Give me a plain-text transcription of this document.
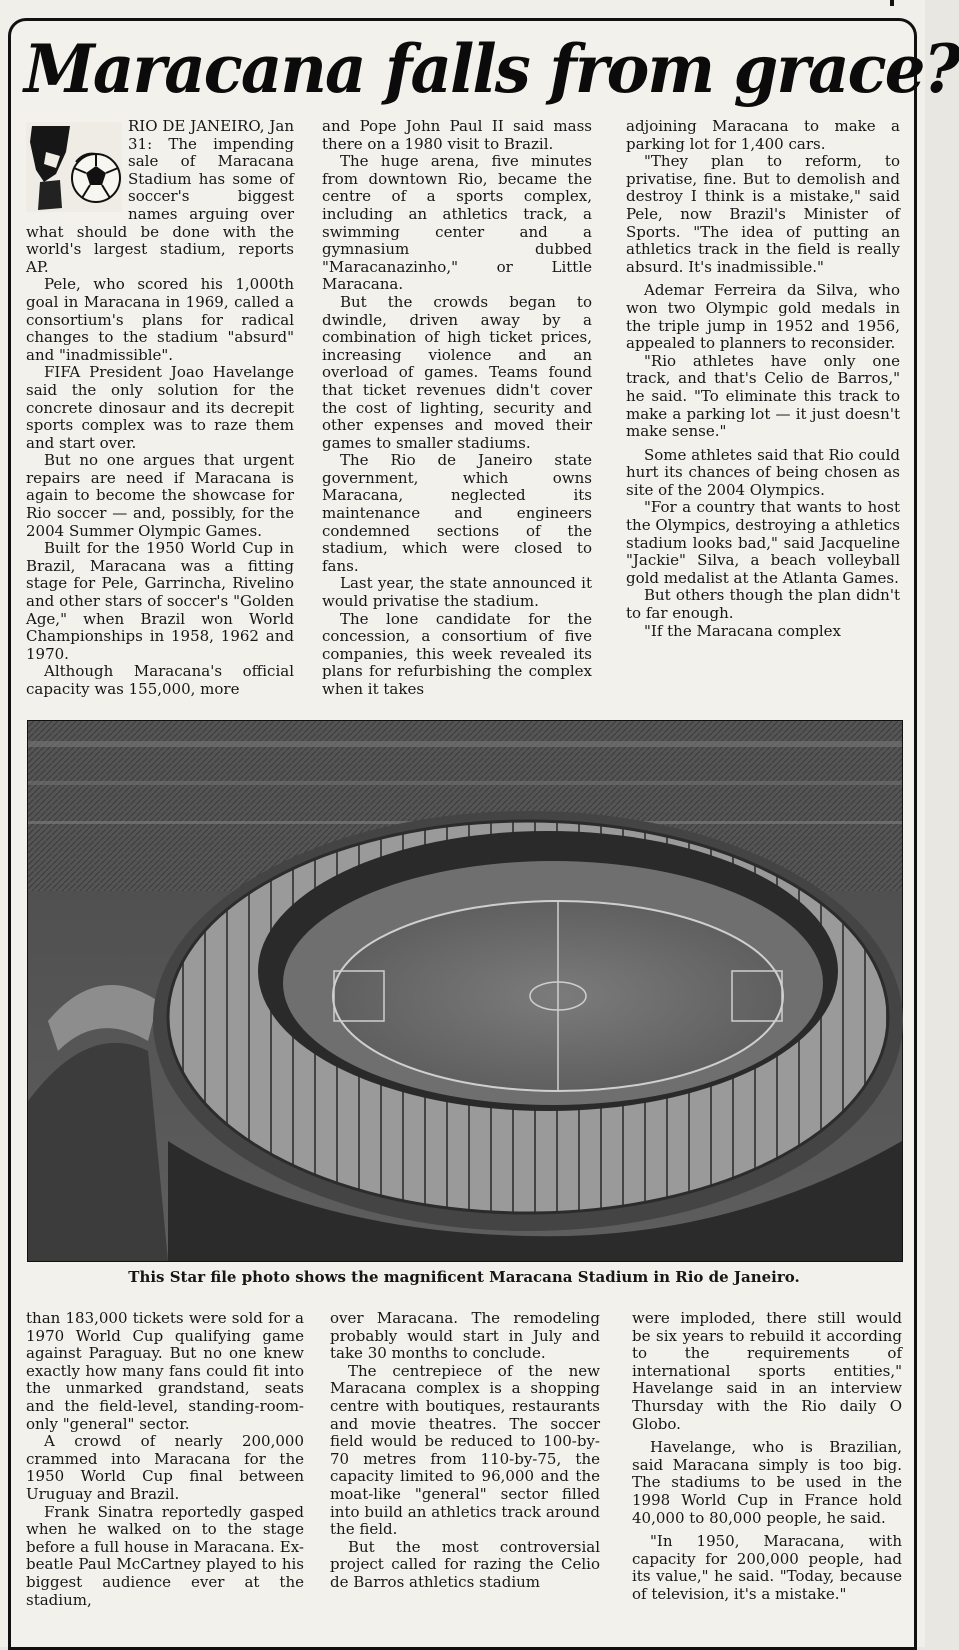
Maracana falls from grace?

RIO DE JANEIRO, Jan 31: The impending sale of Maracana Stadium has some of soccer's biggest names arguing over what should be done with the world's largest stadium, reports AP.

Pele, who scored his 1,000th goal in Maracana in 1969, called a consortium's plans for radical changes to the stadium "absurd" and "inadmissible".

FIFA President Joao Havelange said the only solution for the concrete dinosaur and its decrepit sports complex was to raze them and start over.

But no one argues that urgent repairs are need if Maracana is again to become the showcase for Rio soccer — and, possibly, for the 2004 Summer Olympic Games.

Built for the 1950 World Cup in Brazil, Maracana was a fitting stage for Pele, Garrincha, Rivelino and other stars of soccer's "Golden Age," when Brazil won World Championships in 1958, 1962 and 1970.

Although Maracana's official capacity was 155,000, more

and Pope John Paul II said mass there on a 1980 visit to Brazil.

The huge arena, five minutes from downtown Rio, became the centre of a sports complex, including an athletics track, a swimming center and a gymnasium dubbed "Maracanazinho," or Little Maracana.

But the crowds began to dwindle, driven away by a combination of high ticket prices, increasing violence and an overload of games. Teams found that ticket revenues didn't cover the cost of lighting, security and other expenses and moved their games to smaller stadiums.

The Rio de Janeiro state government, which owns Maracana, neglected its maintenance and engineers condemned sections of the stadium, which were closed to fans.

Last year, the state announced it would privatise the stadium.

The lone candidate for the concession, a consortium of five companies, this week revealed its plans for refurbishing the complex when it takes

adjoining Maracana to make a parking lot for 1,400 cars.

"They plan to reform, to privatise, fine. But to demolish and destroy I think is a mistake," said Pele, now Brazil's Minister of Sports. "The idea of putting an athletics track in the field is really absurd. It's inadmissible."

Ademar Ferreira da Silva, who won two Olympic gold medals in the triple jump in 1952 and 1956, appealed to planners to reconsider.

"Rio athletes have only one track, and that's Celio de Barros," he said. "To eliminate this track to make a parking lot — it just doesn't make sense."

Some athletes said that Rio could hurt its chances of being chosen as site of the 2004 Olympics.

"For a country that wants to host the Olympics, destroying a athletics stadium looks bad," said Jacqueline "Jackie" Silva, a beach volleyball gold medalist at the Atlanta Games.

But others though the plan didn't to far enough.

"If the Maracana complex

This Star file photo shows the magnificent Maracana Stadium in Rio de Janeiro.

than 183,000 tickets were sold for a 1970 World Cup qualifying game against Paraguay. But no one knew exactly how many fans could fit into the unmarked grandstand, seats and the field-level, standing-room-only "general" sector.

A crowd of nearly 200,000 crammed into Maracana for the 1950 World Cup final between Uruguay and Brazil.

Frank Sinatra reportedly gasped when he walked on to the stage before a full house in Maracana. Ex-beatle Paul McCartney played to his biggest audience ever at the stadium,

over Maracana. The remodeling probably would start in July and take 30 months to conclude.

The centrepiece of the new Maracana complex is a shopping centre with boutiques, restaurants and movie theatres. The soccer field would be reduced to 100-by-70 metres from 110-by-75, the capacity limited to 96,000 and the moat-like "general" sector filled into build an athletics track around the field.

But the most controversial project called for razing the Celio de Barros athletics stadium

were imploded, there still would be six years to rebuild it according to the requirements of international sports entities," Havelange said in an interview Thursday with the Rio daily O Globo.

Havelange, who is Brazilian, said Maracana simply is too big. The stadiums to be used in the 1998 World Cup in France hold 40,000 to 80,000 people, he said.

"In 1950, Maracana, with capacity for 200,000 people, had its value," he said. "Today, because of television, it's a mistake."
